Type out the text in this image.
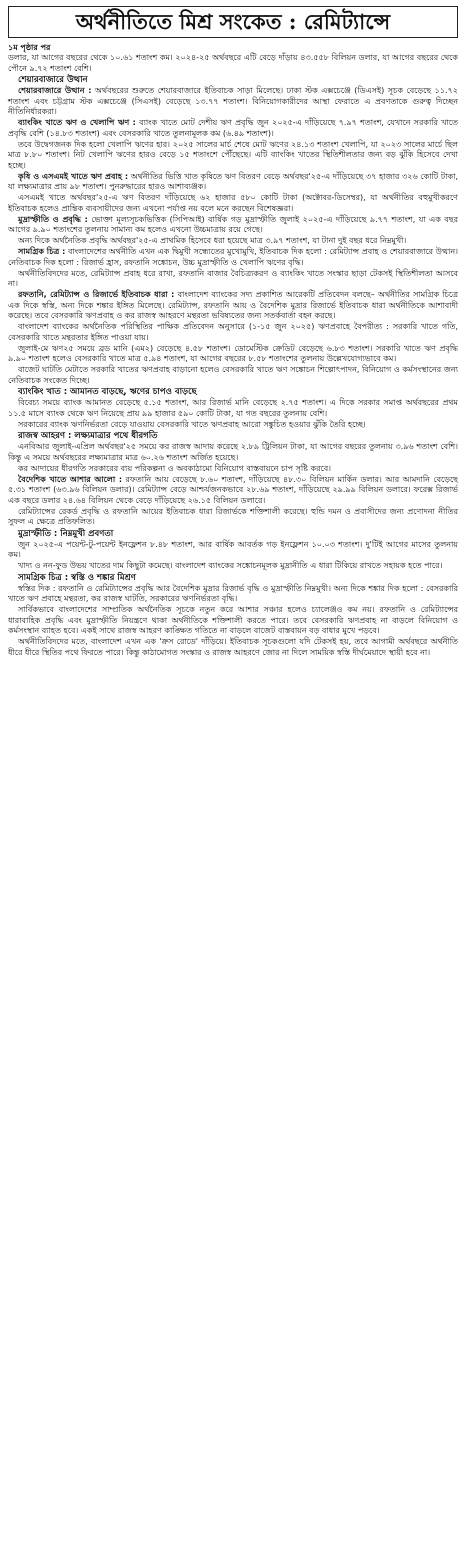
অর্থনীতিতে মিশ্র সংকেত : রেমিট্যান্সে
১ম পৃষ্ঠার পর

ডলার, যা আগের বছরের থেকে ১০.৬১ শতাংশ কম। ২০২৪-২৫ অর্থবছরে এটি বেড়ে দাঁড়ায় ৪৩.৫৫৮ বিলিয়ন ডলার, যা আগের বছরের থেকে পৌনে ৯.৭২ শতাংশ বেশি।

শেয়ারবাজারে উত্থান

শেয়ারবাজারে উত্থান : অর্থবছরের শুরুতে শেয়ারবাজারে ইতিবাচক সাড়া মিলেছে। ঢাকা স্টক এক্সচেঞ্জে (ডিএসই) সূচক বেড়েছে ১১.৭২ শতাংশ এবং চট্টগ্রাম স্টক এক্সচেঞ্জে (সিএসই) বেড়েছে ১৩.৭৭ শতাংশ। বিনিয়োগকারীদের আস্থা ফেরাতে এ প্রবণতাকে গুরুত্ব দিচ্ছেন নীতিনির্ধারকরা।

ব্যাংকিং খাতে ঋণ ও খেলাপি ঋণ : ব্যাংক খাতে মোট দেশীয় ঋণ প্রবৃদ্ধি জুন ২০২৫-এ দাঁড়িয়েছে ৭.৯৭ শতাংশ, যেখানে সরকারি খাতে প্রবৃদ্ধি বেশি (১৪.৮৩ শতাংশ) এবং বেসরকারি খাতে তুলনামূলক কম (৬.৪৯ শতাংশ)।

তবে উদ্বেগজনক দিক হলো খেলাপি ঋণের হার। ২০২৫ সালের মার্চ শেষে মোট ঋণের ২৪.১৩ শতাংশ খেলাপি, যা ২০২৩ সালের মার্চে ছিল মাত্র ৮.৮০ শতাংশ। নিট খেলাপি ঋণের হারও বেড়ে ১৫ শতাংশে পৌঁছেছে। এটি ব্যাংকিং খাতের স্থিতিশীলতার জন্য বড় ঝুঁকি হিসেবে দেখা হচ্ছে।

কৃষি ও এসএমই খাতে ঋণ প্রবাহ : অর্থনীতির ভিত্তি খাত কৃষিতে ঋণ বিতরণ বেড়ে অর্থবছর'২৫-এ দাঁড়িয়েছে ৩৭ হাজার ৩২৬ কোটি টাকা, যা লক্ষ্যমাত্রার প্রায় ৯৮ শতাংশ। পুনরুদ্ধারের হারও আশাব্যঞ্জক।

এসএমই খাতে অর্থবছর'২৫-এ ঋণ বিতরণ দাঁড়িয়েছে ৬২ হাজার ৫৮০ কোটি টাকা (অক্টোবর-ডিসেম্বর), যা অর্থনীতির বহুমুখীকরণে ইতিবাচক হলেও প্রান্তিক ব্যবসায়ীদের জন্য এখনো পর্যাপ্ত নয় বলে মনে করছেন বিশেষজ্ঞরা।

মুদ্রাস্ফীতি ও প্রবৃদ্ধি : ভোক্তা মূল্যসূচকভিত্তিক (সিপিআই) বার্ষিক গড় মুদ্রাস্ফীতি জুলাই ২০২৫-এ দাঁড়িয়েছে ৯.৭৭ শতাংশ, যা এক বছর আগের ৯.৯০ শতাংশের তুলনায় সামান্য কম হলেও এখনো উচ্চমাত্রায় রয়ে গেছে।

অন্য দিকে অর্থনৈতিক প্রবৃদ্ধি অর্থবছর'২৫-এ প্রাথমিক হিসেবে ধরা হয়েছে মাত্র ৩.৯৭ শতাংশ, যা টানা দুই বছর ধরে নিম্নমুখী।

সামগ্রিক চিত্র : বাংলাদেশের অর্থনীতি এখন এক দ্বিমুখী সন্ধ্যেতের মুখোমুখি, ইতিবাচক দিক হলো : রেমিট্যান্স প্রবাহ ও শেয়ারবাজারে উত্থান। নেতিবাচক দিক হলো : রিজার্ভ হ্রাস, রফতানি সঙ্কোচন, উচ্চ মুদ্রাস্ফীতি ও খেলাপি ঋণের বৃদ্ধি।

অর্থনীতিবিদদের মতে, রেমিট্যান্স প্রবাহ ধরে রাখা, রফতানি বাজার বৈচিত্র্যকরণ ও ব্যাংকিং খাতে সংস্কার ছাড়া টেকসই স্থিতিশীলতা আসবে না।

রফতানি, রেমিট্যান্স ও রিজার্ভে ইতিবাচক ধারা : বাংলাদেশ ব্যাংকের সদ্য প্রকাশিত আরেকটি প্রতিবেদন বলছে– অর্থনীতির সামগ্রিক চিত্রে এক দিকে স্বস্তি, অন্য দিকে শঙ্কার ইঙ্গিত মিলেছে। রেমিট্যান্স, রফতানি আয় ও বৈদেশিক মুদ্রার রিজার্ভে ইতিবাচক ধারা অর্থনীতিকে আশাবাদী করেছে। তবে বেসরকারি ঋণপ্রবাহ ও কর রাজস্ব আহরণে মন্থরতা ভবিষ্যতের জন্য সতর্কবার্তা বহন করছে।

বাংলাদেশ ব্যাংকের অর্থনৈতিক পরিস্থিতির পাক্ষিক প্রতিবেদন অনুসারে (১-১৫ জুন ২০২৫) ঋণপ্রবাহে বৈপরীত্য : সরকারি খাতে গতি, বেসরকারি খাতে মন্থরতার ইঙ্গিত পাওয়া যায়।

জুলাই-মে ঋণ২৫ সময়ে ব্রড মানি (এম২) বেড়েছে ৪.৫৮ শতাংশ। ডোমেস্টিক ক্রেডিট বেড়েছে ৬.৮৩ শতাংশ। সরকারি খাতে ঋণ প্রবৃদ্ধি ৯.৯০ শতাংশ হলেও বেসরকারি খাতে মাত্র ৫.৯৪ শতাংশ, যা আগের বছরের ৮.৫৮ শতাংশের তুলনায় উল্লেখযোগ্যভাবে কম।

বাজেট ঘাটতি মেটাতে সরকারি খাতের ঋণপ্রবাহ বাড়ানো হলেও বেসরকারি খাতে ঋণ সঙ্কোচন শিল্পোৎপাদন, বিনিয়োগ ও কর্মসংস্থানের জন্য নেতিবাচক সংকেত দিচ্ছে।

ব্যাংকিং খাত : আমানত বাড়ছে, ঋণের চাপও বাড়ছে

বিবেচ্য সময়ে ব্যাংক আমানত বেড়েছে ৫.১৫ শতাংশ, আর রিজার্ভ মানি বেড়েছে ২.৭৫ শতাংশ। এ দিকে সরকার সমাপ্ত অর্থবছরের প্রথম ১১.৫ মাসে ব্যাংক থেকে ঋণ নিয়েছে প্রায় ৯৯ হাজার ৫৯০ কোটি টাকা, যা গত বছরের তুলনায় বেশি।

সরকারের ব্যাংক ঋণনির্ভরতা বেড়ে যাওয়ায় বেসরকারি খাতে ঋণপ্রবাহ আরো সঙ্কুচিত হওয়ার ঝুঁকি তৈরি হচ্ছে।

রাজস্ব আহরণ : লক্ষ্যমাত্রার পথে ধীরগতি

এনবিআর জুলাই-এপ্রিল অর্থবছর'২৫ সময়ে কর রাজস্ব আদায় করেছে ২.৮৯ ট্রিলিয়ন টাকা, যা আগের বছরের তুলনায় ৩.৯৬ শতাংশ বেশি। কিন্তু এ সময়ে অর্থবছরের লক্ষ্যমাত্রার মাত্র ৬০.২৬ শতাংশ অর্জিত হয়েছে।

কর আদায়ের ধীরগতি সরকারের ব্যয় পরিকল্পনা ও অবকাঠামো বিনিয়োগ বাস্তবায়নে চাপ সৃষ্টি করবে।

বৈদেশিক খাতে আশার আলো : রফতানি আয় বেড়েছে ৮.৬০ শতাংশ, দাঁড়িয়েছে ৪৮.৩০ বিলিয়ন মার্কিন ডলার। আর আমদানি বেড়েছে ৫.৩১ শতাংশ (৬৩.৯৬ বিলিয়ন ডলার)। রেমিট্যান্স বেড়ে আশ্চর্যজনকভাবে ২৮.৬৯ শতাংশ, দাঁড়িয়েছে ২৯.৯৯ বিলিয়ন ডলারে। ফরেক্স রিজার্ভ এক বছরে ডলার ২৪.৬৪ বিলিয়ন থেকে বেড়ে দাঁড়িয়েছে ২৬.১৫ বিলিয়ন ডলারে।

রেমিট্যান্সের রেকর্ড প্রবৃদ্ধি ও রফতানি আয়ের ইতিবাচক ধারা রিজার্ভকে শক্তিশালী করেছে। হুন্ডি দমন ও প্রবাসীদের জন্য প্রণোদনা নীতির সুফল এ ক্ষেত্রে প্রতিফলিত।

মুদ্রাস্ফীতি : নিম্নমুখী প্রবণতা

জুন ২০২৫-এ পয়েন্ট-টু-পয়েন্ট ইনফ্লেশন ৮.৪৮ শতাংশ, আর বার্ষিক আবর্তক গড় ইনফ্লেশন ১০.০৩ শতাংশ। দু'টিই আগের মাসের তুলনায় কম।

খাদ্য ও নন-ফুড উভয় খাতের দাম কিছুটা কমেছে। বাংলাদেশ ব্যাংকের সঙ্কোচনমূলক মুদ্রানীতি এ ধারা টিকিয়ে রাখতে সহায়ক হতে পারে।

সামগ্রিক চিত্র : স্বস্তি ও শঙ্কার মিশ্রণ

স্বস্তির দিক : রফতানি ও রেমিট্যান্সের প্রবৃদ্ধি আর বৈদেশিক মুদ্রার রিজার্ভ বৃদ্ধি ও মুদ্রাস্ফীতি নিম্নমুখী। অন্য দিকে শঙ্কার দিক হলো : বেসরকারি খাতে ঋণ প্রবাহে মন্থরতা, কর রাজস্ব ঘাটতি, সরকারের ঋণনির্ভরতা বৃদ্ধি।

সার্বিকভাবে বাংলাদেশের সাম্প্রতিক অর্থনৈতিক সূচকে নতুন করে আশার সঞ্চার হলেও চ্যালেঞ্জও কম নয়। রফতানি ও রেমিট্যান্সের ধারাবাহিক প্রবৃদ্ধি এবং মুদ্রাস্ফীতি নিয়ন্ত্রণে থাকা অর্থনীতিকে শক্তিশালী করতে পারে। তবে বেসরকারি ঋণপ্রবাহ না বাড়লে বিনিয়োগ ও কর্মসংস্থান ব্যাহত হবে। একই সাথে রাজস্ব আহরণ কাঙ্ক্ষিত গতিতে না বাড়লে বাজেট বাস্তবায়ন বড় বাধার মুখে পড়বে।

অর্থনীতিবিদদের মতে, বাংলাদেশ এখন এক 'ক্রস রোডে' দাঁড়িয়ে। ইতিবাচক সূচকগুলো যদি টেকসই হয়, তবে আগামী অর্থবছরে অর্থনীতি ধীরে ধীরে স্থিতির পথে ফিরতে পারে। কিন্তু কাঠামোগত সংস্কার ও রাজস্ব আহরণে জোর না দিলে সাময়িক স্বস্তি দীর্ঘমেয়াদে স্থায়ী হবে না।
